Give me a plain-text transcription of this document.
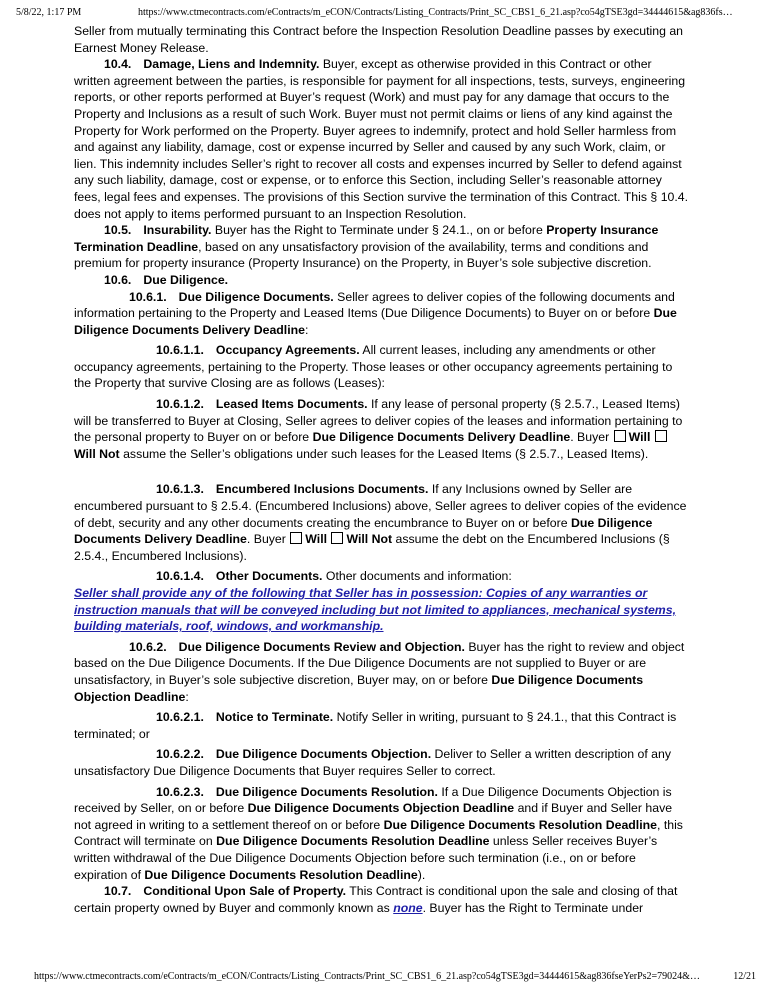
5/8/22, 1:17 PM	https://www.ctmecontracts.com/eContracts/m_eCON/Contracts/Listing_Contracts/Print_SC_CBS1_6_21.asp?co54gTSE3gd=34444615&ag836fs…

Seller from mutually terminating this Contract before the Inspection Resolution Deadline passes by executing an Earnest Money Release.

10.4. Damage, Liens and Indemnity. Buyer, except as otherwise provided in this Contract or other written agreement between the parties, is responsible for payment for all inspections, tests, surveys, engineering reports, or other reports performed at Buyer’s request (Work) and must pay for any damage that occurs to the Property and Inclusions as a result of such Work. Buyer must not permit claims or liens of any kind against the Property for Work performed on the Property. Buyer agrees to indemnify, protect and hold Seller harmless from and against any liability, damage, cost or expense incurred by Seller and caused by any such Work, claim, or lien. This indemnity includes Seller’s right to recover all costs and expenses incurred by Seller to defend against any such liability, damage, cost or expense, or to enforce this Section, including Seller’s reasonable attorney fees, legal fees and expenses. The provisions of this Section survive the termination of this Contract. This § 10.4. does not apply to items performed pursuant to an Inspection Resolution.

10.5. Insurability. Buyer has the Right to Terminate under § 24.1., on or before Property Insurance Termination Deadline, based on any unsatisfactory provision of the availability, terms and conditions and premium for property insurance (Property Insurance) on the Property, in Buyer’s sole subjective discretion.

10.6. Due Diligence.

10.6.1. Due Diligence Documents. Seller agrees to deliver copies of the following documents and information pertaining to the Property and Leased Items (Due Diligence Documents) to Buyer on or before Due Diligence Documents Delivery Deadline:

10.6.1.1. Occupancy Agreements. All current leases, including any amendments or other occupancy agreements, pertaining to the Property. Those leases or other occupancy agreements pertaining to the Property that survive Closing are as follows (Leases):

10.6.1.2. Leased Items Documents. If any lease of personal property (§ 2.5.7., Leased Items) will be transferred to Buyer at Closing, Seller agrees to deliver copies of the leases and information pertaining to the personal property to Buyer on or before Due Diligence Documents Delivery Deadline. Buyer Will Will Not assume the Seller’s obligations under such leases for the Leased Items (§ 2.5.7., Leased Items).

10.6.1.3. Encumbered Inclusions Documents. If any Inclusions owned by Seller are encumbered pursuant to § 2.5.4. (Encumbered Inclusions) above, Seller agrees to deliver copies of the evidence of debt, security and any other documents creating the encumbrance to Buyer on or before Due Diligence Documents Delivery Deadline. Buyer Will Will Not assume the debt on the Encumbered Inclusions (§ 2.5.4., Encumbered Inclusions).

10.6.1.4. Other Documents. Other documents and information:

Seller shall provide any of the following that Seller has in possession: Copies of any warranties or instruction manuals that will be conveyed including but not limited to appliances, mechanical systems, building materials, roof, windows, and workmanship.

10.6.2. Due Diligence Documents Review and Objection. Buyer has the right to review and object based on the Due Diligence Documents. If the Due Diligence Documents are not supplied to Buyer or are unsatisfactory, in Buyer’s sole subjective discretion, Buyer may, on or before Due Diligence Documents Objection Deadline:

10.6.2.1. Notice to Terminate. Notify Seller in writing, pursuant to § 24.1., that this Contract is terminated; or

10.6.2.2. Due Diligence Documents Objection. Deliver to Seller a written description of any unsatisfactory Due Diligence Documents that Buyer requires Seller to correct.

10.6.2.3. Due Diligence Documents Resolution. If a Due Diligence Documents Objection is received by Seller, on or before Due Diligence Documents Objection Deadline and if Buyer and Seller have not agreed in writing to a settlement thereof on or before Due Diligence Documents Resolution Deadline, this Contract will terminate on Due Diligence Documents Resolution Deadline unless Seller receives Buyer’s written withdrawal of the Due Diligence Documents Objection before such termination (i.e., on or before expiration of Due Diligence Documents Resolution Deadline).

10.7. Conditional Upon Sale of Property. This Contract is conditional upon the sale and closing of that certain property owned by Buyer and commonly known as none. Buyer has the Right to Terminate under

https://www.ctmecontracts.com/eContracts/m_eCON/Contracts/Listing_Contracts/Print_SC_CBS1_6_21.asp?co54gTSE3gd=34444615&ag836fseYerPs2=79024&…	12/21
